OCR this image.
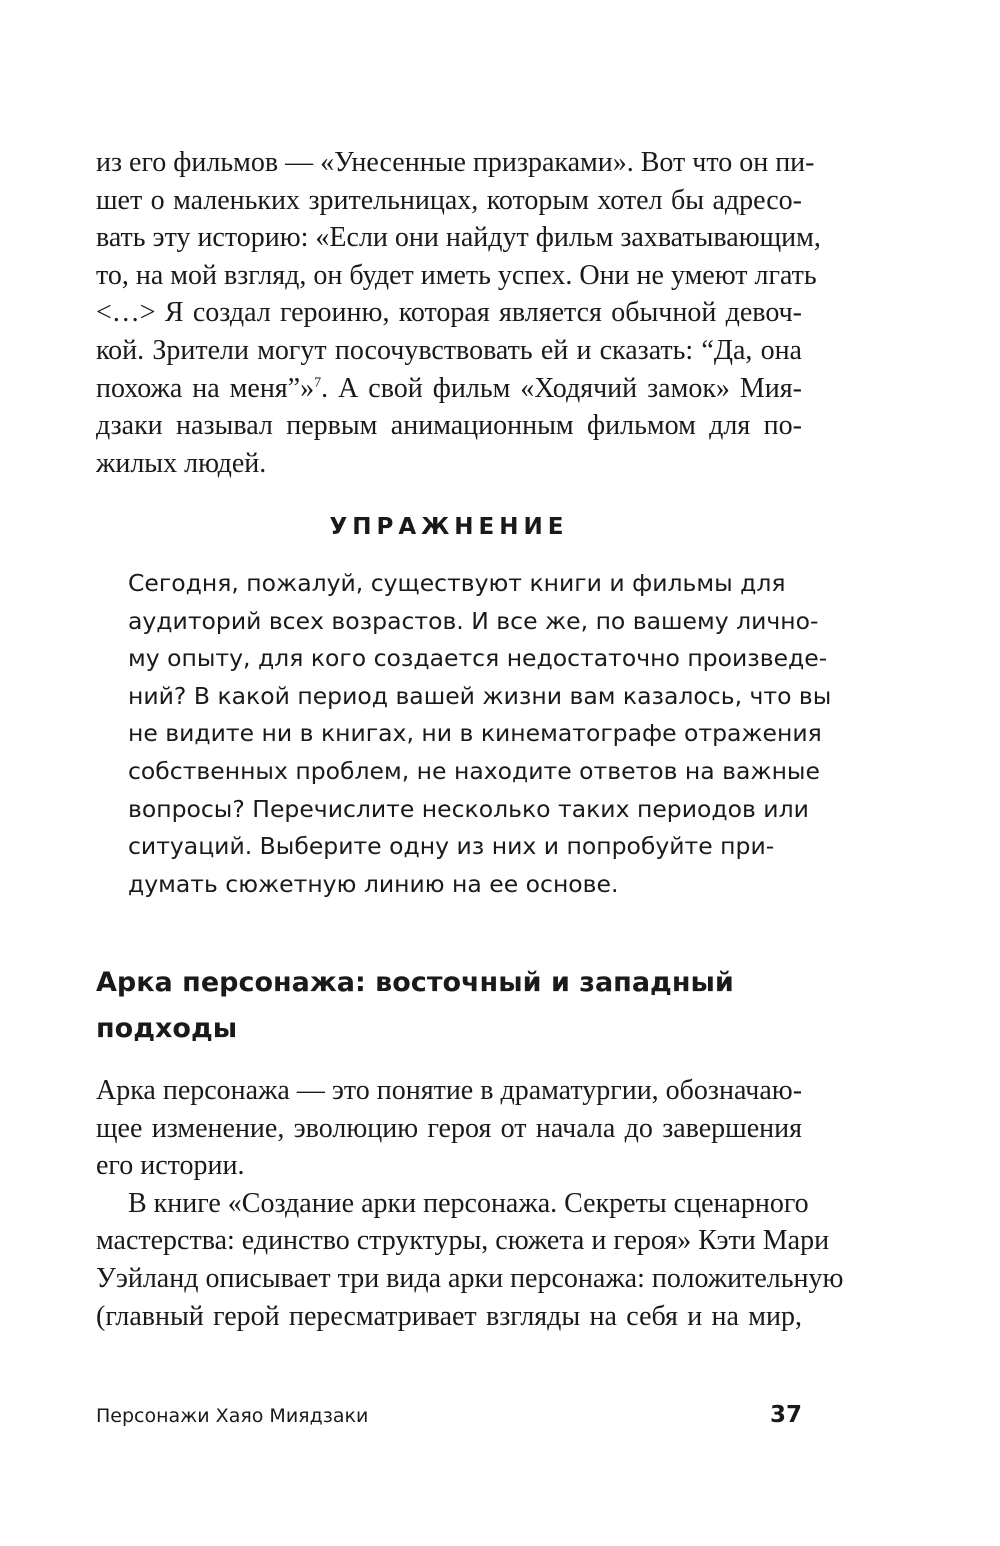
из его фильмов — «Унесенные призраками». Вот что он пи-
шет о маленьких зрительницах, которым хотел бы адресо-
вать эту историю: «Если они найдут фильм захватывающим,
то, на мой взгляд, он будет иметь успех. Они не умеют лгать
<…> Я создал героиню, которая является обычной девоч-
кой. Зрители могут посочувствовать ей и сказать: “Да, она
похожа на меня”»$^7$. А свой фильм «Ходячий замок» Мия-
дзаки называл первым анимационным фильмом для по-
жилых людей.

УПРАЖНЕНИЕ
Сегодня, пожалуй, существуют книги и фильмы для
аудиторий всех возрастов. И все же, по вашему лично-
му опыту, для кого создается недостаточно произведе-
ний? В какой период вашей жизни вам казалось, что вы
не видите ни в книгах, ни в кинематографе отражения
собственных проблем, не находите ответов на важные
вопросы? Перечислите несколько таких периодов или
ситуаций. Выберите одну из них и попробуйте при-
думать сюжетную линию на ее основе.
Арка персонажа: восточный и западный
подходы

Арка персонажа — это понятие в драматургии, обозначаю-
щее изменение, эволюцию героя от начала до завершения
его истории.

В книге «Создание арки персонажа. Секреты сценарного
мастерства: единство структуры, сюжета и героя» Кэти Мари
Уэйланд описывает три вида арки персонажа: положительную
(главный герой пересматривает взгляды на себя и на мир,

Персонажи Хаяо Миядзаки	37
